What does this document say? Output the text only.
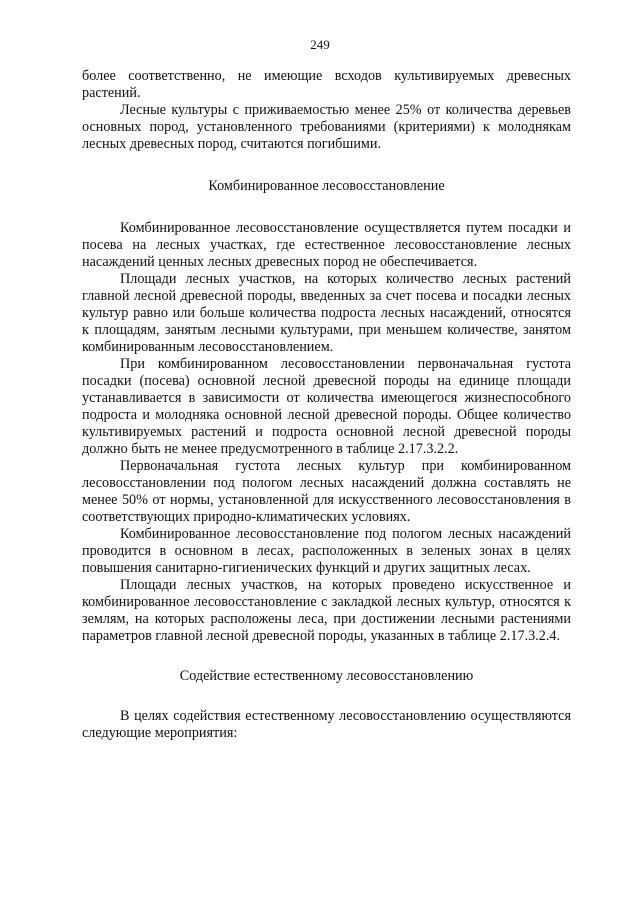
249

более соответственно, не имеющие всходов культивируемых древесных растений.

Лесные культуры с приживаемостью менее 25% от количества деревьев основных пород, установленного требованиями (критериями) к молоднякам лесных древесных пород, считаются погибшими.

Комбинированное лесовосстановление

Комбинированное лесовосстановление осуществляется путем посадки и посева на лесных участках, где естественное лесовосстановление лесных насаждений ценных лесных древесных пород не обеспечивается.

Площади лесных участков, на которых количество лесных растений главной лесной древесной породы, введенных за счет посева и посадки лесных культур равно или больше количества подроста лесных насаждений, относятся к площадям, занятым лесными культурами, при меньшем количестве, занятом комбинированным лесовосстановлением.

При комбинированном лесовосстановлении первоначальная густота посадки (посева) основной лесной древесной породы на единице площади устанавливается в зависимости от количества имеющегося жизнеспособного подроста и молодняка основной лесной древесной породы. Общее количество культивируемых растений и подроста основной лесной древесной породы должно быть не менее предусмотренного в таблице 2.17.3.2.2.

Первоначальная густота лесных культур при комбинированном лесовосстановлении под пологом лесных насаждений должна составлять не менее 50% от нормы, установленной для искусственного лесовосстановления в соответствующих природно-климатических условиях.

Комбинированное лесовосстановление под пологом лесных насаждений проводится в основном в лесах, расположенных в зеленых зонах в целях повышения санитарно-гигиенических функций и других защитных лесах.

Площади лесных участков, на которых проведено искусственное и комбинированное лесовосстановление с закладкой лесных культур, относятся к землям, на которых расположены леса, при достижении лесными растениями параметров главной лесной древесной породы, указанных в таблице 2.17.3.2.4.

Содействие естественному лесовосстановлению

В целях содействия естественному лесовосстановлению осуществляются следующие мероприятия:
